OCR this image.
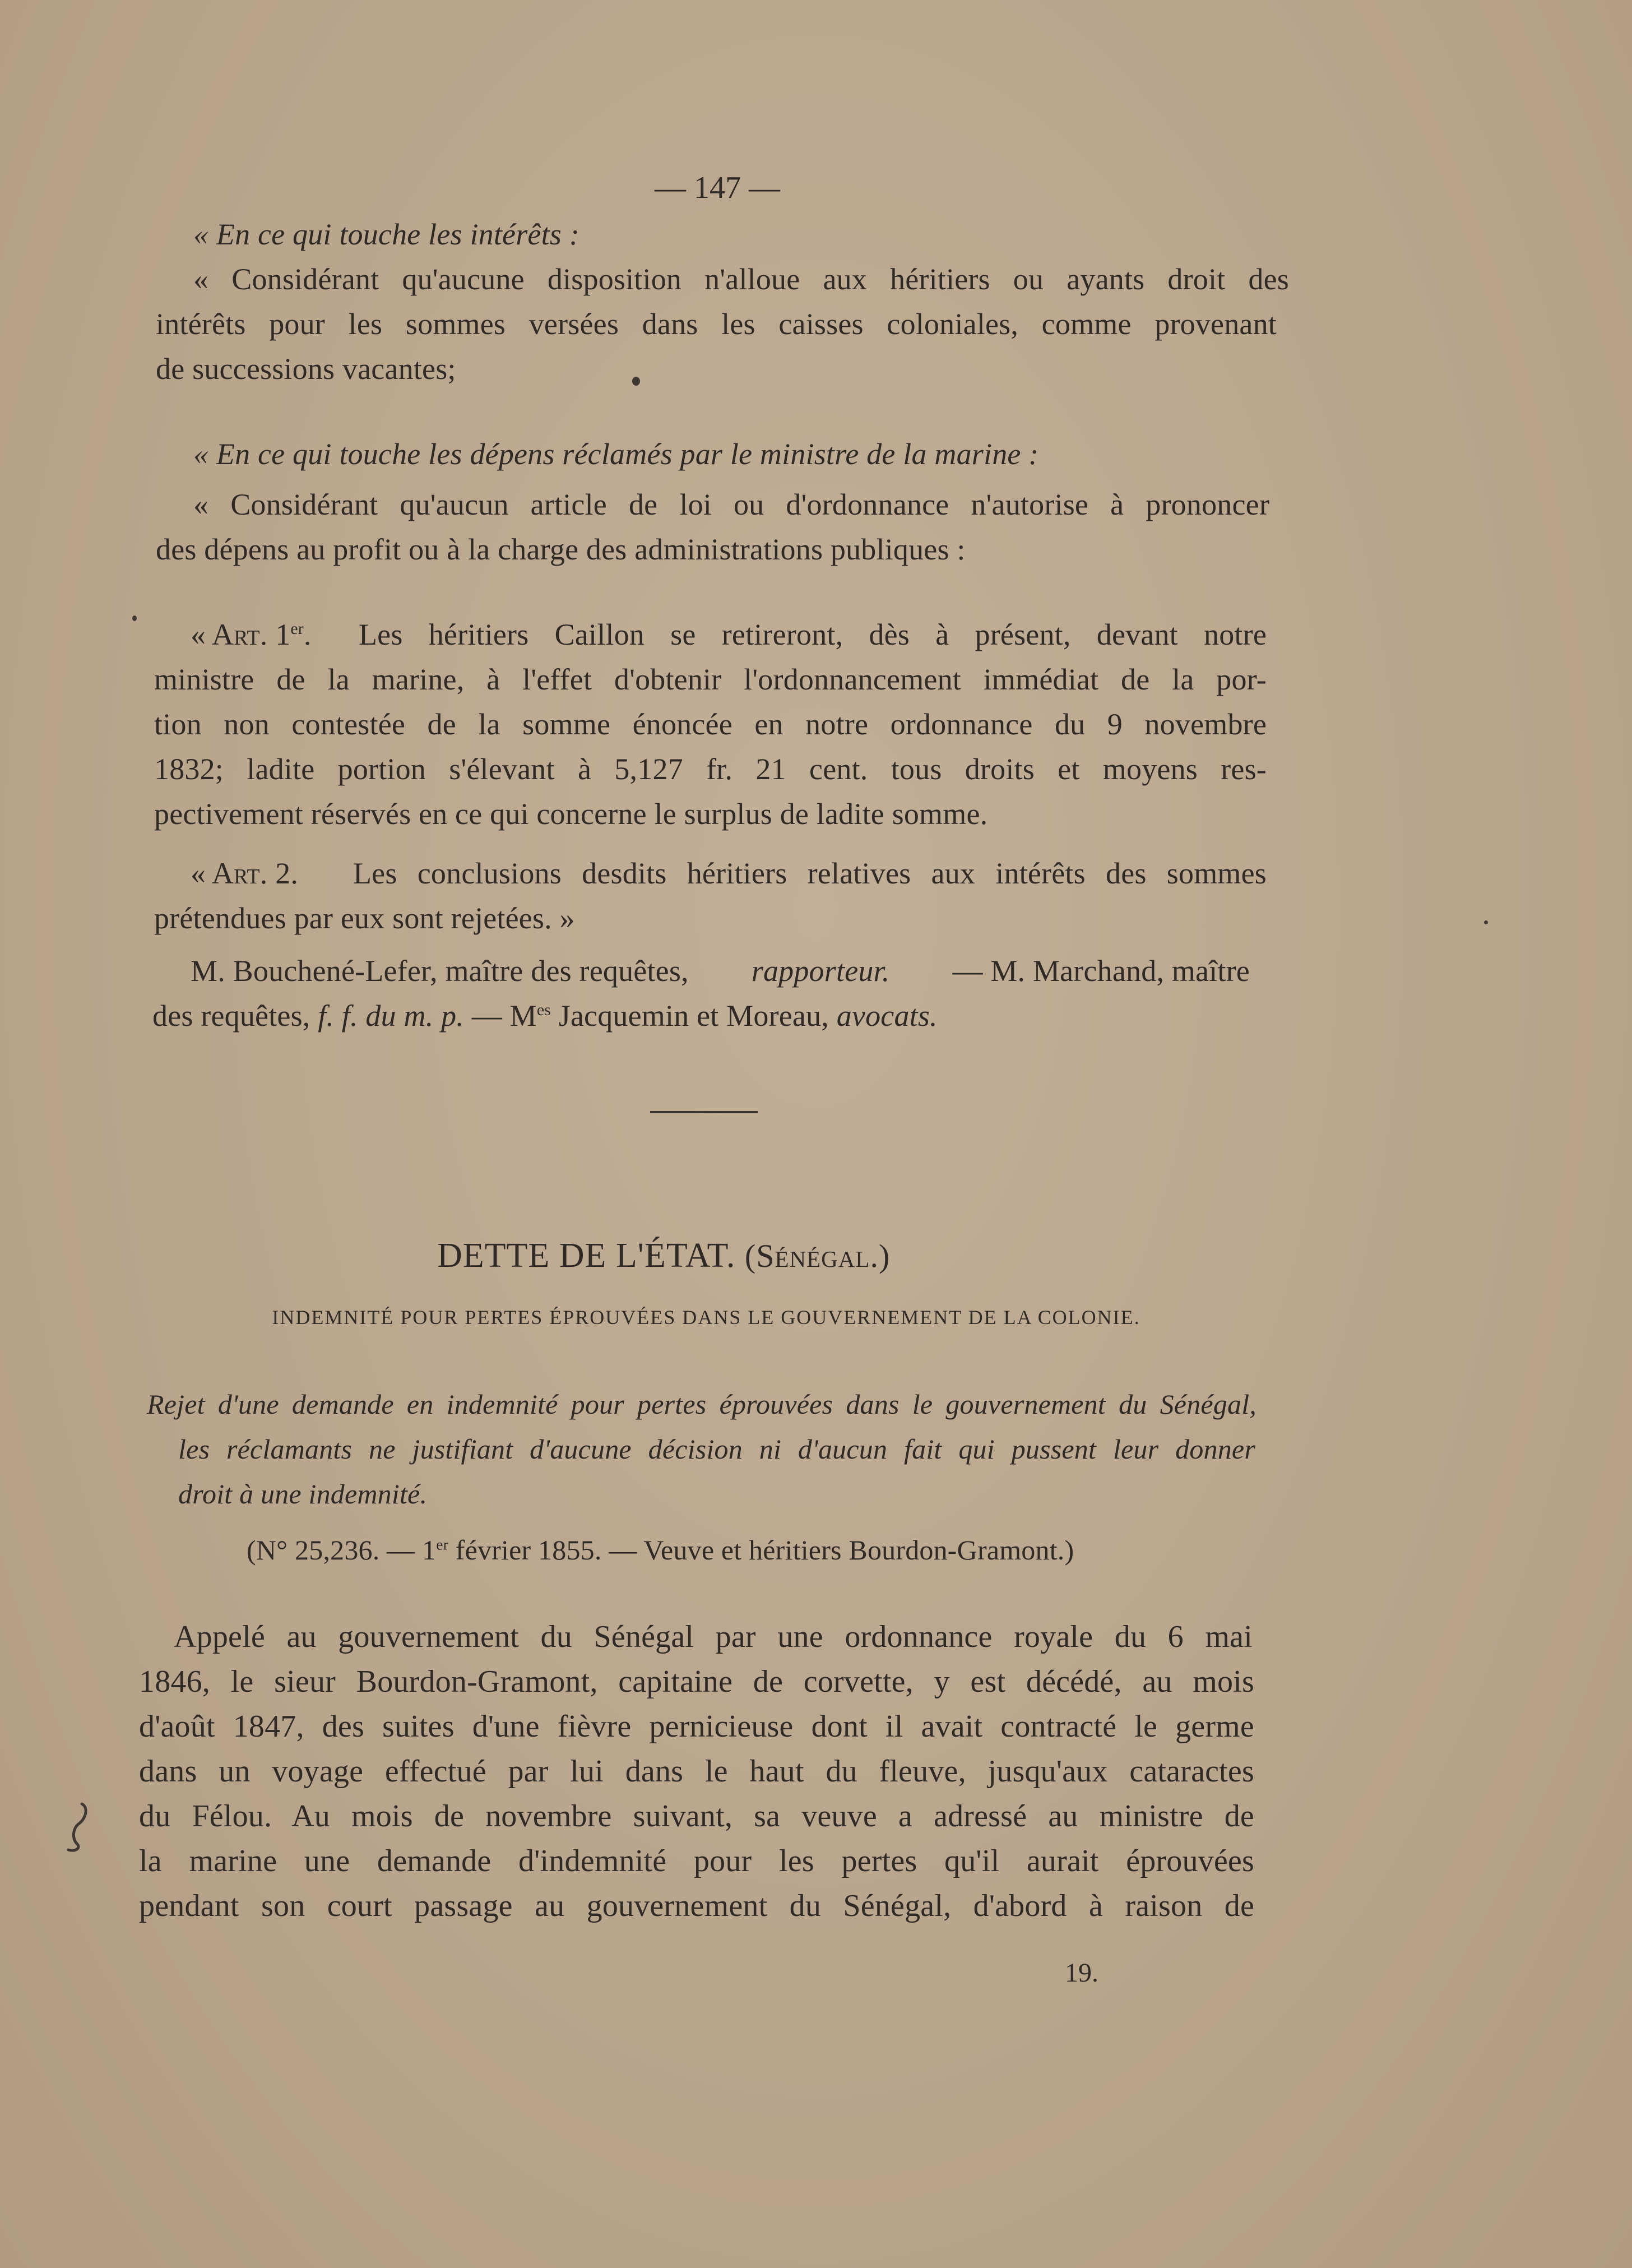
— 147 —
« En ce qui touche les intérêts :
« Considérant qu'aucune disposition n'alloue aux héritiers ou ayants droit des
intérêts pour les sommes versées dans les caisses coloniales, comme provenant
de successions vacantes;
« En ce qui touche les dépens réclamés par le ministre de la marine :
« Considérant qu'aucun article de loi ou d'ordonnance n'autorise à prononcer
des dépens au profit ou à la charge des administrations publiques :
« Art. 1er. Les héritiers Caillon se retireront, dès à présent, devant notre
ministre de la marine, à l'effet d'obtenir l'ordonnancement immédiat de la por-
tion non contestée de la somme énoncée en notre ordonnance du 9 novembre
1832; ladite portion s'élevant à 5,127 fr. 21 cent. tous droits et moyens res-
pectivement réservés en ce qui concerne le surplus de ladite somme.
« Art. 2. Les conclusions desdits héritiers relatives aux intérêts des sommes
prétendues par eux sont rejetées. »
M. Bouchené-Lefer, maître des requêtes, rapporteur. — M. Marchand, maître
des requêtes, f. f. du m. p. — $M^{es}$ Jacquemin et Moreau, avocats.
DETTE DE L'ÉTAT. (Sénégal.)
INDEMNITÉ POUR PERTES ÉPROUVÉES DANS LE GOUVERNEMENT DE LA COLONIE.
Rejet d'une demande en indemnité pour pertes éprouvées dans le gouvernement du Sénégal,
les réclamants ne justifiant d'aucune décision ni d'aucun fait qui pussent leur donner
droit à une indemnité.
(N° 25,236. — 1er février 1855. — Veuve et héritiers Bourdon-Gramont.)
Appelé au gouvernement du Sénégal par une ordonnance royale du 6 mai
1846, le sieur Bourdon-Gramont, capitaine de corvette, y est décédé, au mois
d'août 1847, des suites d'une fièvre pernicieuse dont il avait contracté le germe
dans un voyage effectué par lui dans le haut du fleuve, jusqu'aux cataractes
du Félou. Au mois de novembre suivant, sa veuve a adressé au ministre de
la marine une demande d'indemnité pour les pertes qu'il aurait éprouvées
pendant son court passage au gouvernement du Sénégal, d'abord à raison de
19.
